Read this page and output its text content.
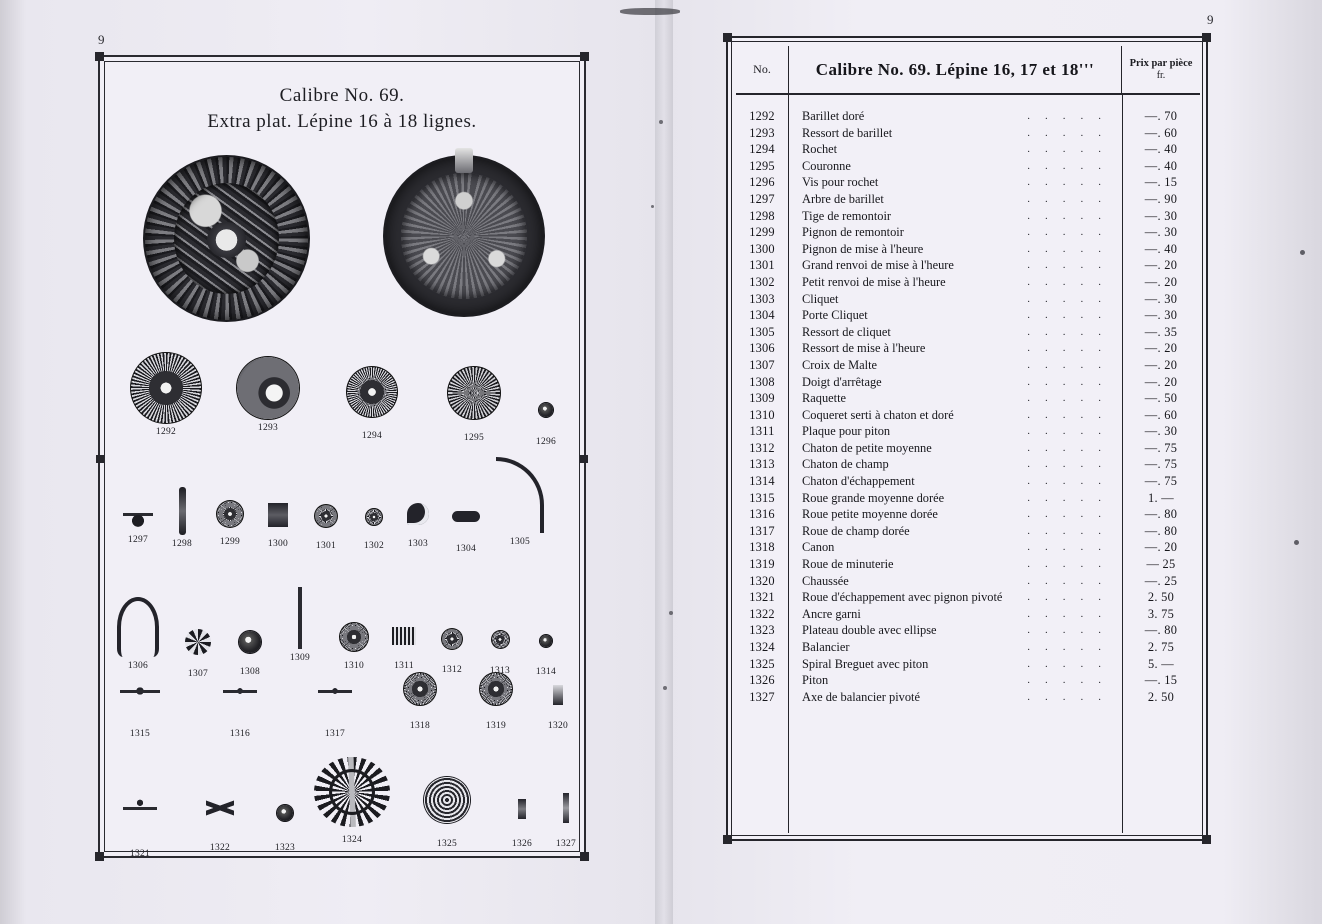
9
9
Calibre No. 69.
Extra plat. Lépine 16 à 18 lignes.
1292	1293
1294	1295	1296
1297	1298	1299	1300	1301	1302	1303	1304
1305
1306
1307	1308
1309
1310	1311	1312	1313	1314
1315	1316	1317
1318	1319	1320
1321
1322	1323
1324	1325	1326	1327
No.	Calibre No. 69. Lépine 16, 17 et 18'''	Prix par pièce
fr.
1292	Barillet doré	.....	—. 70
1293	Ressort de barillet	.....	—. 60
1294	Rochet	.....	—. 40
1295	Couronne	.....	—. 40
1296	Vis pour rochet	.....	—. 15
1297	Arbre de barillet	.....	—. 90
1298	Tige de remontoir	.....	—. 30
1299	Pignon de remontoir	.....	—. 30
1300	Pignon de mise à l'heure	.....	—. 40
1301	Grand renvoi de mise à l'heure	.....	—. 20
1302	Petit renvoi de mise à l'heure	.....	—. 20
1303	Cliquet	.....	—. 30
1304	Porte Cliquet	.....	—. 30
1305	Ressort de cliquet	.....	—. 35
1306	Ressort de mise à l'heure	.....	—. 20
1307	Croix de Malte	.....	—. 20
1308	Doigt d'arrêtage	.....	—. 20
1309	Raquette	.....	—. 50
1310	Coqueret serti à chaton et doré	.....	—. 60
1311	Plaque pour piton	.....	—. 30
1312	Chaton de petite moyenne	.....	—. 75
1313	Chaton de champ	.....	—. 75
1314	Chaton d'échappement	.....	—. 75
1315	Roue grande moyenne dorée	.....	1. —
1316	Roue petite moyenne dorée	.....	—. 80
1317	Roue de champ dorée	.....	—. 80
1318	Canon	.....	—. 20
1319	Roue de minuterie	.....	— 25
1320	Chaussée	.....	—. 25
1321	Roue d'échappement avec pignon pivoté .....	2. 50
1322	Ancre garni	.....	3. 75
1323	Plateau double avec ellipse	.....	—. 80
1324	Balancier	.....	2. 75
1325	Spiral Breguet avec piton	.....	5. —
1326	Piton	.....	—. 15
1327	Axe de balancier pivoté	.....	2. 50
